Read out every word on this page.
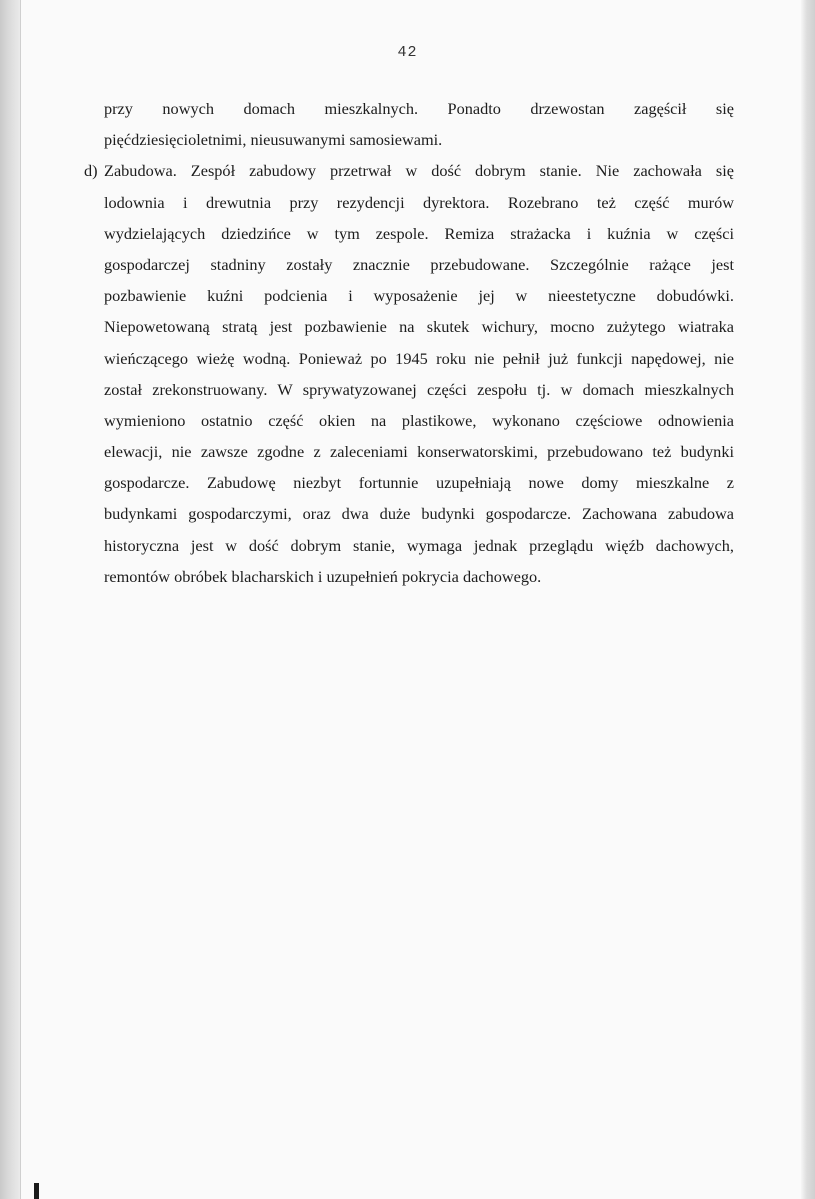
42
przy nowych domach mieszkalnych. Ponadto drzewostan zagęścił się
pięćdziesięcioletnimi, nieusuwanymi samosiewami.
d) Zabudowa. Zespół zabudowy przetrwał w dość dobrym stanie. Nie zachowała się
lodownia i drewutnia przy rezydencji dyrektora. Rozebrano też część murów
wydzielających dziedzińce w tym zespole. Remiza strażacka i kuźnia w części
gospodarczej stadniny zostały znacznie przebudowane. Szczególnie rażące jest
pozbawienie kuźni podcienia i wyposażenie jej w nieestetyczne dobudówki.
Niepowetowaną stratą jest pozbawienie na skutek wichury, mocno zużytego wiatraka
wieńczącego wieżę wodną. Ponieważ po 1945 roku nie pełnił już funkcji napędowej, nie
został zrekonstruowany. W sprywatyzowanej części zespołu tj. w domach mieszkalnych
wymieniono ostatnio część okien na plastikowe, wykonano częściowe odnowienia
elewacji, nie zawsze zgodne z zaleceniami konserwatorskimi, przebudowano też budynki
gospodarcze. Zabudowę niezbyt fortunnie uzupełniają nowe domy mieszkalne z
budynkami gospodarczymi, oraz dwa duże budynki gospodarcze. Zachowana zabudowa
historyczna jest w dość dobrym stanie, wymaga jednak przeglądu więźb dachowych,
remontów obróbek blacharskich i uzupełnień pokrycia dachowego.
